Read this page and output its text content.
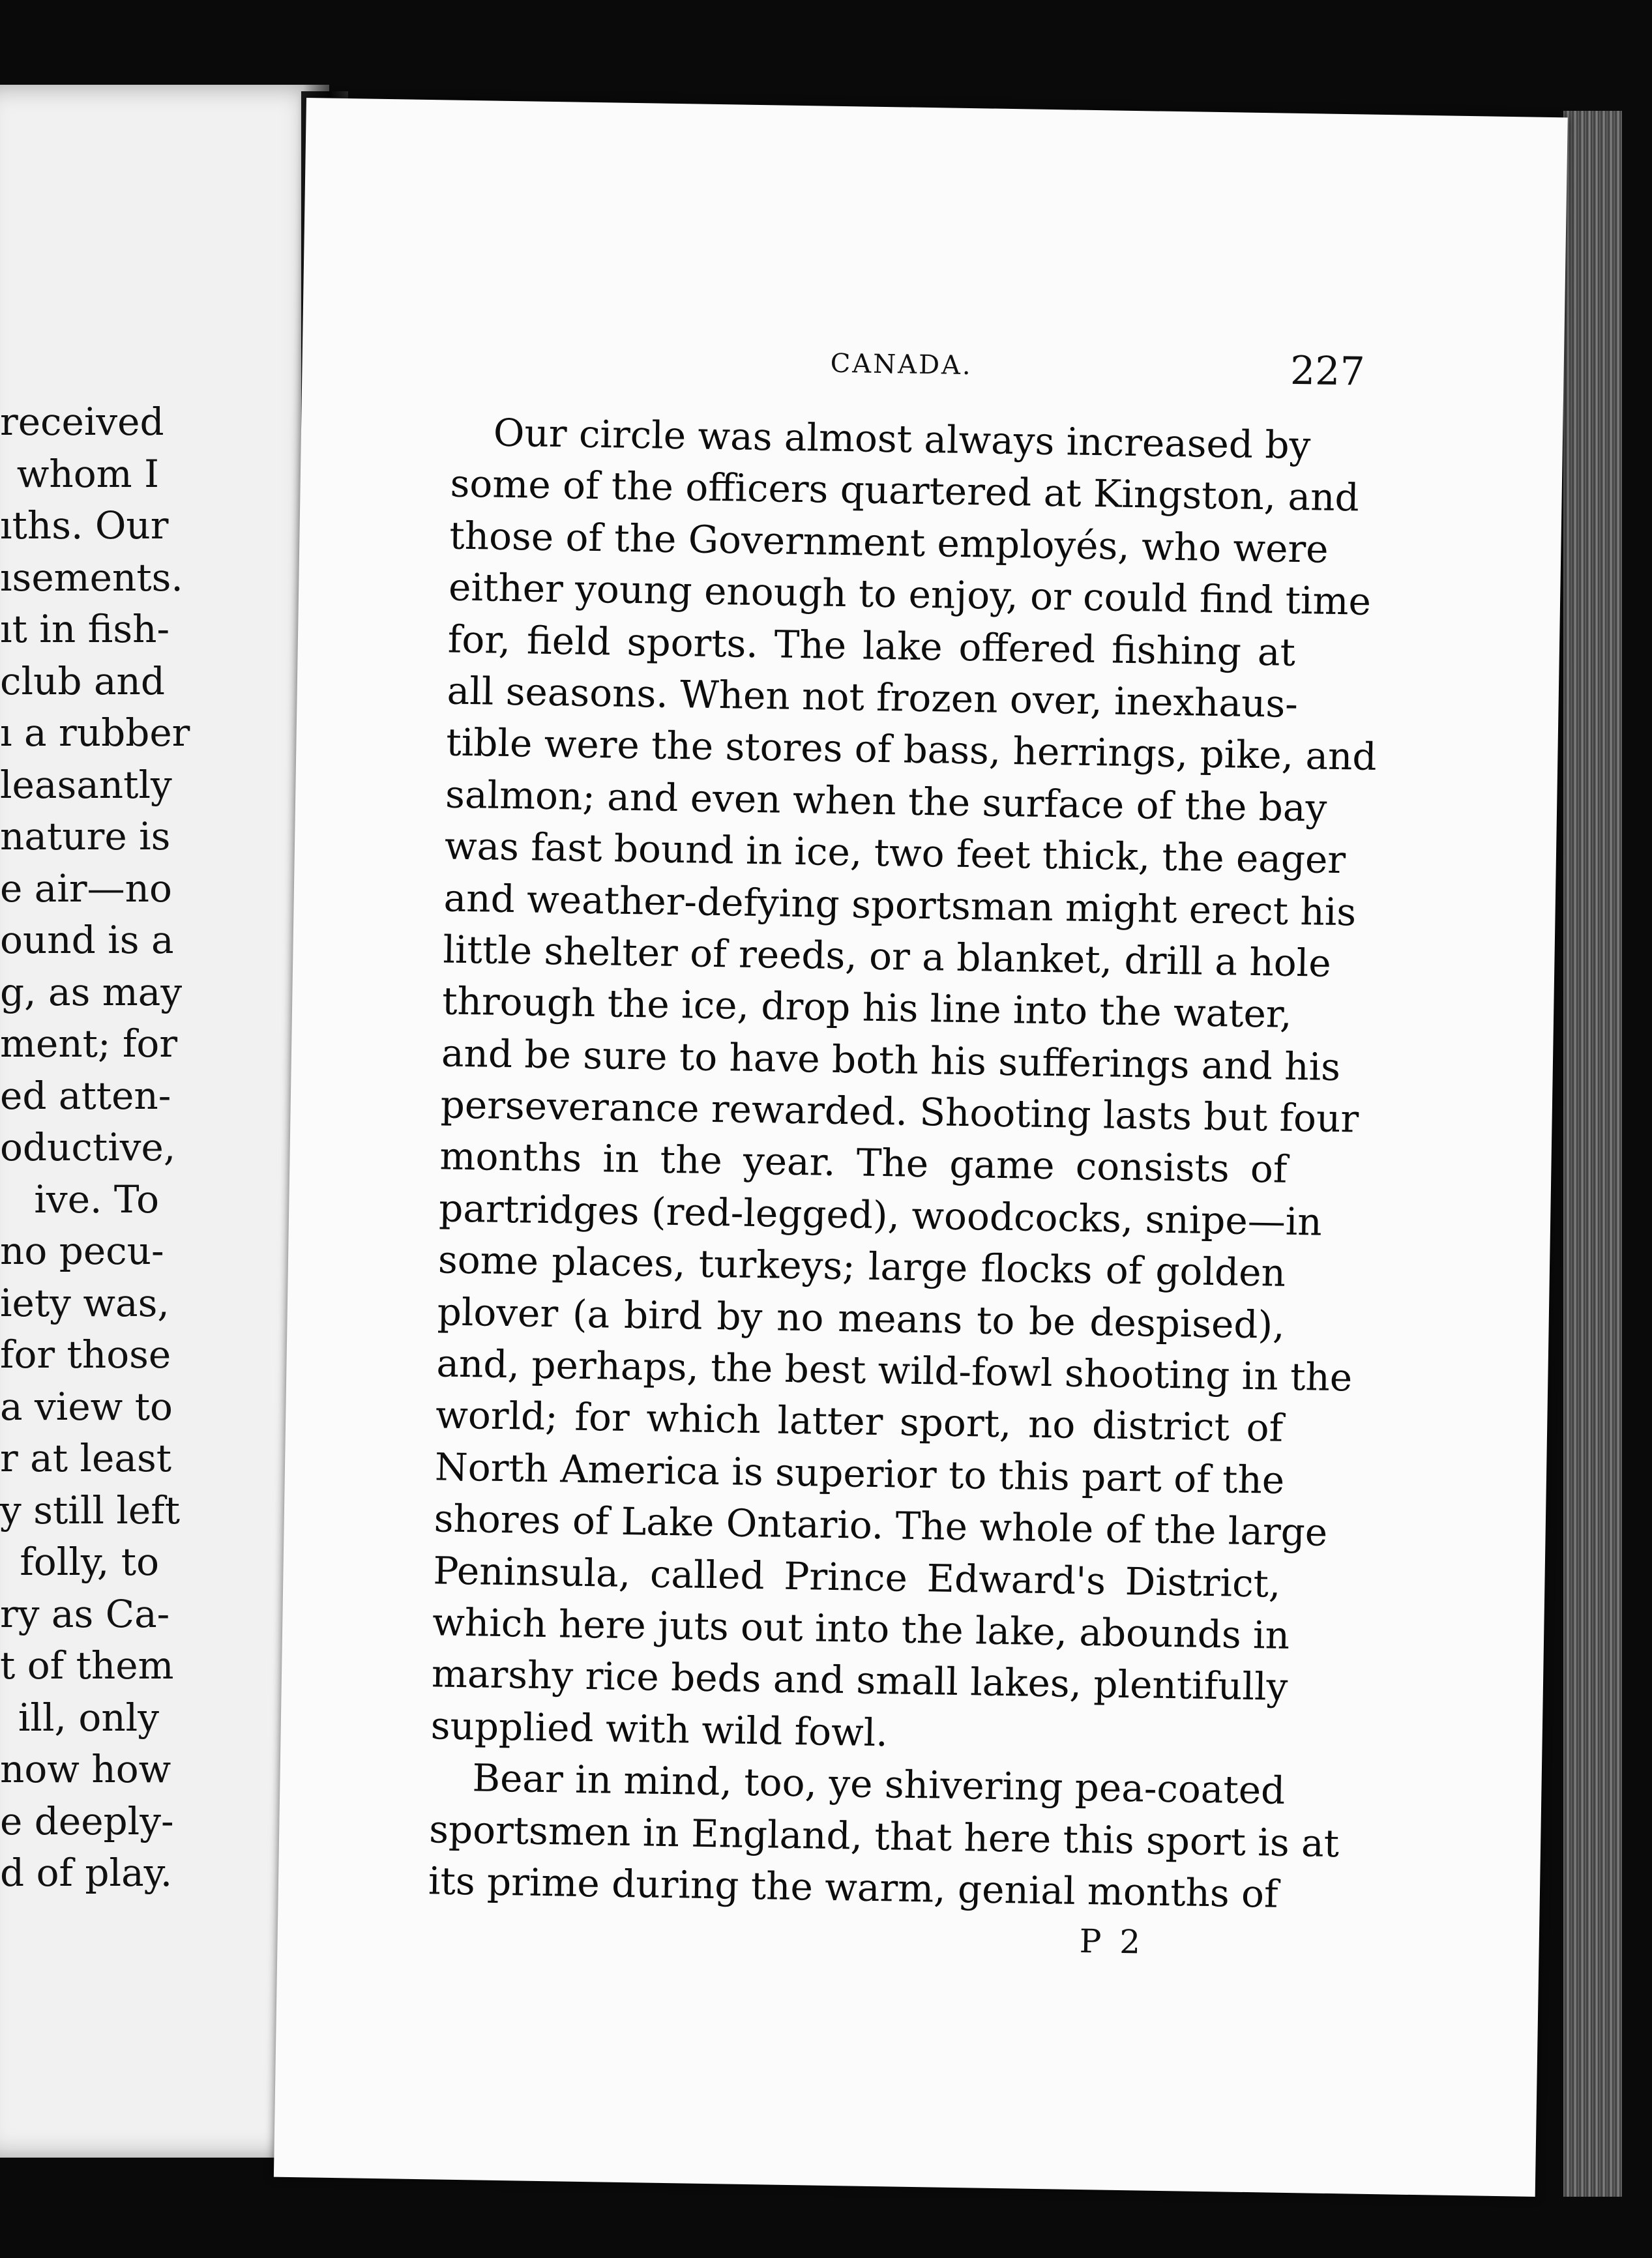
received
whom I
ıths. Our
ısements.
ıt in fish-
club and
ı a rubber
leasantly
nature is
e air—no
ound is a
g, as may
ment; for
ed atten-
oductive,
ive. To
no pecu-
iety was,
for those
a view to
r at least
y still left
folly, to
ry as Ca-
t of them
ill, only
now how
e deeply-
d of play.
CANADA.	227
Our circle was almost always increased by
some of the officers quartered at Kingston, and
those of the Government employés, who were
either young enough to enjoy, or could find time
for, field sports. The lake offered fishing at
all seasons. When not frozen over, inexhaus-
tible were the stores of bass, herrings, pike, and
salmon; and even when the surface of the bay
was fast bound in ice, two feet thick, the eager
and weather-defying sportsman might erect his
little shelter of reeds, or a blanket, drill a hole
through the ice, drop his line into the water,
and be sure to have both his sufferings and his
perseverance rewarded. Shooting lasts but four
months in the year. The game consists of
partridges (red-legged), woodcocks, snipe—in
some places, turkeys; large flocks of golden
plover (a bird by no means to be despised),
and, perhaps, the best wild-fowl shooting in the
world; for which latter sport, no district of
North America is superior to this part of the
shores of Lake Ontario. The whole of the large
Peninsula, called Prince Edward's District,
which here juts out into the lake, abounds in
marshy rice beds and small lakes, plentifully
supplied with wild fowl.
Bear in mind, too, ye shivering pea-coated
sportsmen in England, that here this sport is at
its prime during the warm, genial months of
P 2
